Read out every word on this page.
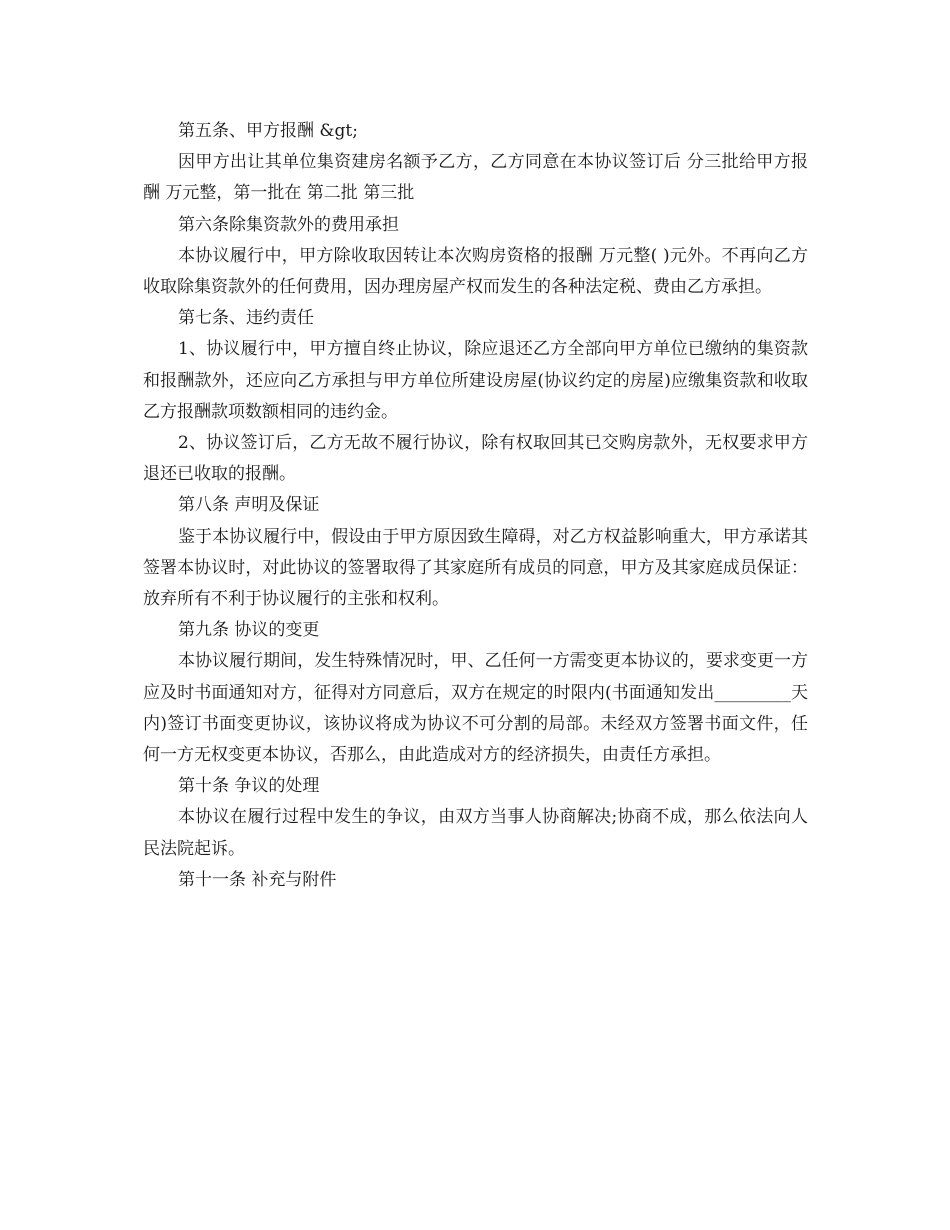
第五条、甲方报酬 &gt;

因甲方出让其单位集资建房名额予乙方，乙方同意在本协议签订后 分三批给甲方报酬 万元整，第一批在 第二批 第三批

第六条除集资款外的费用承担

本协议履行中，甲方除收取因转让本次购房资格的报酬 万元整( )元外。不再向乙方收取除集资款外的任何费用，因办理房屋产权而发生的各种法定税、费由乙方承担。

第七条、违约责任

1、协议履行中，甲方擅自终止协议，除应退还乙方全部向甲方单位已缴纳的集资款和报酬款外，还应向乙方承担与甲方单位所建设房屋(协议约定的房屋)应缴集资款和收取乙方报酬款项数额相同的违约金。

2、协议签订后，乙方无故不履行协议，除有权取回其已交购房款外，无权要求甲方退还已收取的报酬。

第八条 声明及保证

鉴于本协议履行中，假设由于甲方原因致生障碍，对乙方权益影响重大，甲方承诺其签署本协议时，对此协议的签署取得了其家庭所有成员的同意，甲方及其家庭成员保证：放弃所有不利于协议履行的主张和权利。

第九条 协议的变更

本协议履行期间，发生特殊情况时，甲、乙任何一方需变更本协议的，要求变更一方应及时书面通知对方，征得对方同意后，双方在规定的时限内(书面通知发出_________天内)签订书面变更协议，该协议将成为协议不可分割的局部。未经双方签署书面文件，任何一方无权变更本协议，否那么，由此造成对方的经济损失，由责任方承担。

第十条 争议的处理

本协议在履行过程中发生的争议，由双方当事人协商解决;协商不成，那么依法向人民法院起诉。

第十一条 补充与附件
